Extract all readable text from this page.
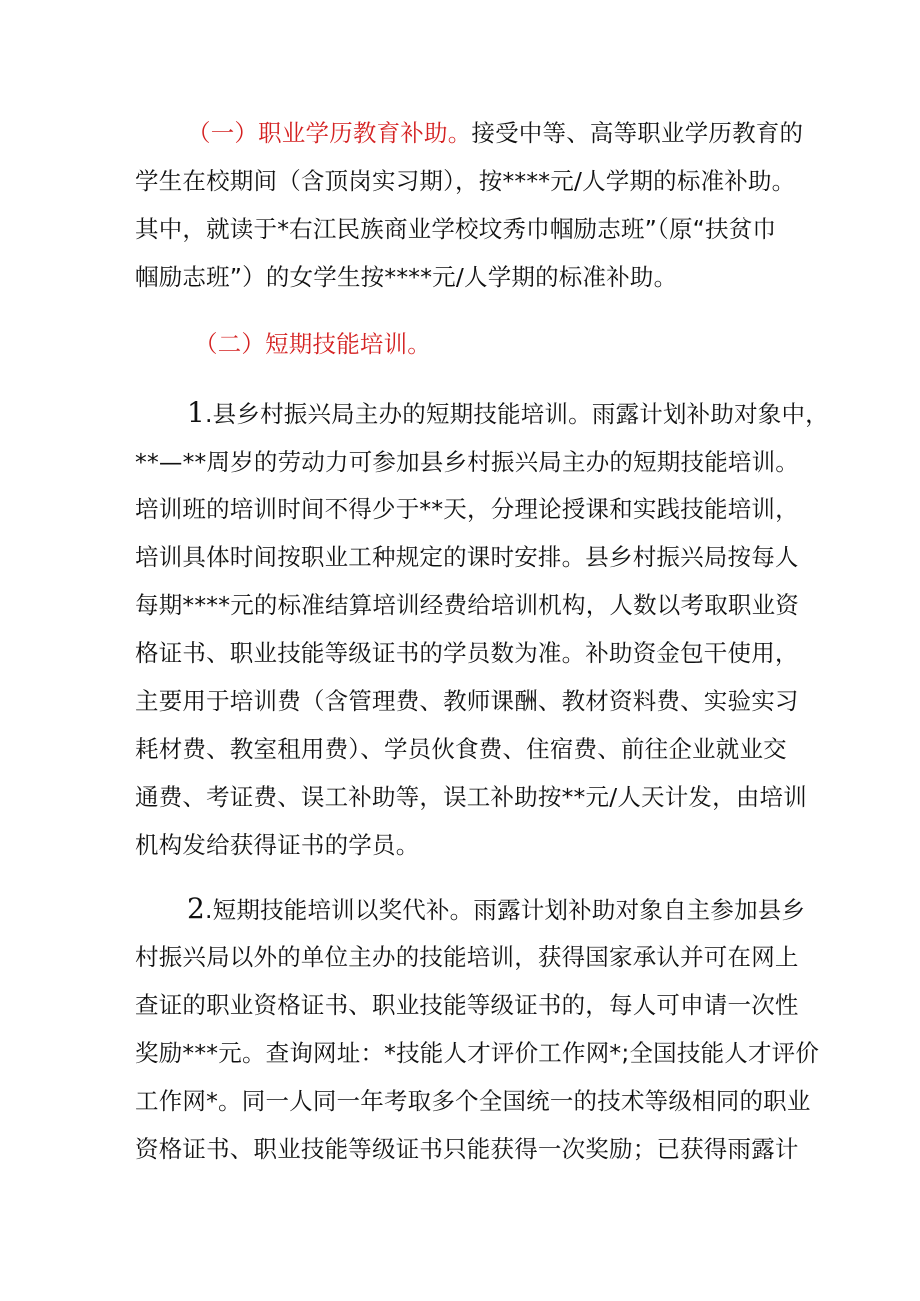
（一）职业学历教育补助。接受中等、高等职业学历教育的
学生在校期间（含顶岗实习期），按****元/人学期的标准补助。
其中，就读于*右江民族商业学校坟秀巾帼励志班”（原“扶贫巾
帼励志班”）的女学生按****元/人学期的标准补助。
（二）短期技能培训。
1.县乡村振兴局主办的短期技能培训。雨露计划补助对象中，
**—**周岁的劳动力可参加县乡村振兴局主办的短期技能培训。
培训班的培训时间不得少于**天，分理论授课和实践技能培训，
培训具体时间按职业工种规定的课时安排。县乡村振兴局按每人
每期****元的标准结算培训经费给培训机构，人数以考取职业资
格证书、职业技能等级证书的学员数为准。补助资金包干使用，
主要用于培训费（含管理费、教师课酬、教材资料费、实验实习
耗材费、教室租用费）、学员伙食费、住宿费、前往企业就业交
通费、考证费、误工补助等，误工补助按**元/人天计发，由培训
机构发给获得证书的学员。
2.短期技能培训以奖代补。雨露计划补助对象自主参加县乡
村振兴局以外的单位主办的技能培训，获得国家承认并可在网上
查证的职业资格证书、职业技能等级证书的，每人可申请一次性
奖励***元。查询网址：*技能人才评价工作网*;全国技能人才评价
工作网*。同一人同一年考取多个全国统一的技术等级相同的职业
资格证书、职业技能等级证书只能获得一次奖励；已获得雨露计
